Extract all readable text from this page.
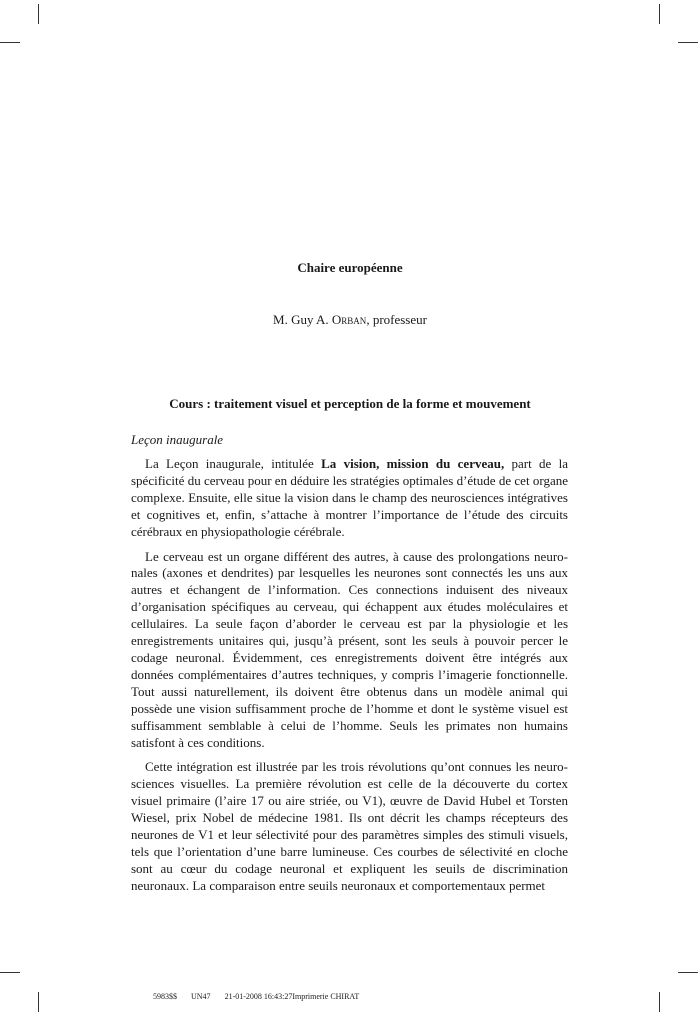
Chaire européenne
M. Guy A. Orban, professeur
Cours : traitement visuel et perception de la forme et mouvement
Leçon inaugurale

La Leçon inaugurale, intitulée La vision, mission du cerveau, part de la spécificité du cerveau pour en déduire les stratégies optimales d’étude de cet organe complexe. Ensuite, elle situe la vision dans le champ des neurosciences intégratives et cognitives et, enfin, s’attache à montrer l’importance de l’étude des circuits cérébraux en physiopathologie cérébrale.

Le cerveau est un organe différent des autres, à cause des prolongations neuronales (axones et dendrites) par lesquelles les neurones sont connectés les uns aux autres et échangent de l’information. Ces connections induisent des niveaux d’organisation spécifiques au cerveau, qui échappent aux études moléculaires et cellulaires. La seule façon d’aborder le cerveau est par la physiologie et les enregistrements unitaires qui, jusqu’à présent, sont les seuls à pouvoir percer le codage neuronal. Évidemment, ces enregistrements doivent être intégrés aux données complémentaires d’autres techniques, y compris l’imagerie fonctionnelle. Tout aussi naturellement, ils doivent être obtenus dans un modèle animal qui possède une vision suffisamment proche de l’homme et dont le système visuel est suffisamment semblable à celui de l’homme. Seuls les primates non humains satisfont à ces conditions.

Cette intégration est illustrée par les trois révolutions qu’ont connues les neurosciences visuelles. La première révolution est celle de la découverte du cortex visuel primaire (l’aire 17 ou aire striée, ou V1), œuvre de David Hubel et Torsten Wiesel, prix Nobel de médecine 1981. Ils ont décrit les champs récepteurs des neurones de V1 et leur sélectivité pour des paramètres simples des stimuli visuels, tels que l’orientation d’une barre lumineuse. Ces courbes de sélectivité en cloche sont au cœur du codage neuronal et expliquent les seuils de discrimination neuronaux. La comparaison entre seuils neuronaux et comportementaux permet

5983$$ UN47 21-01-2008 16:43:27Imprimerie CHIRAT
